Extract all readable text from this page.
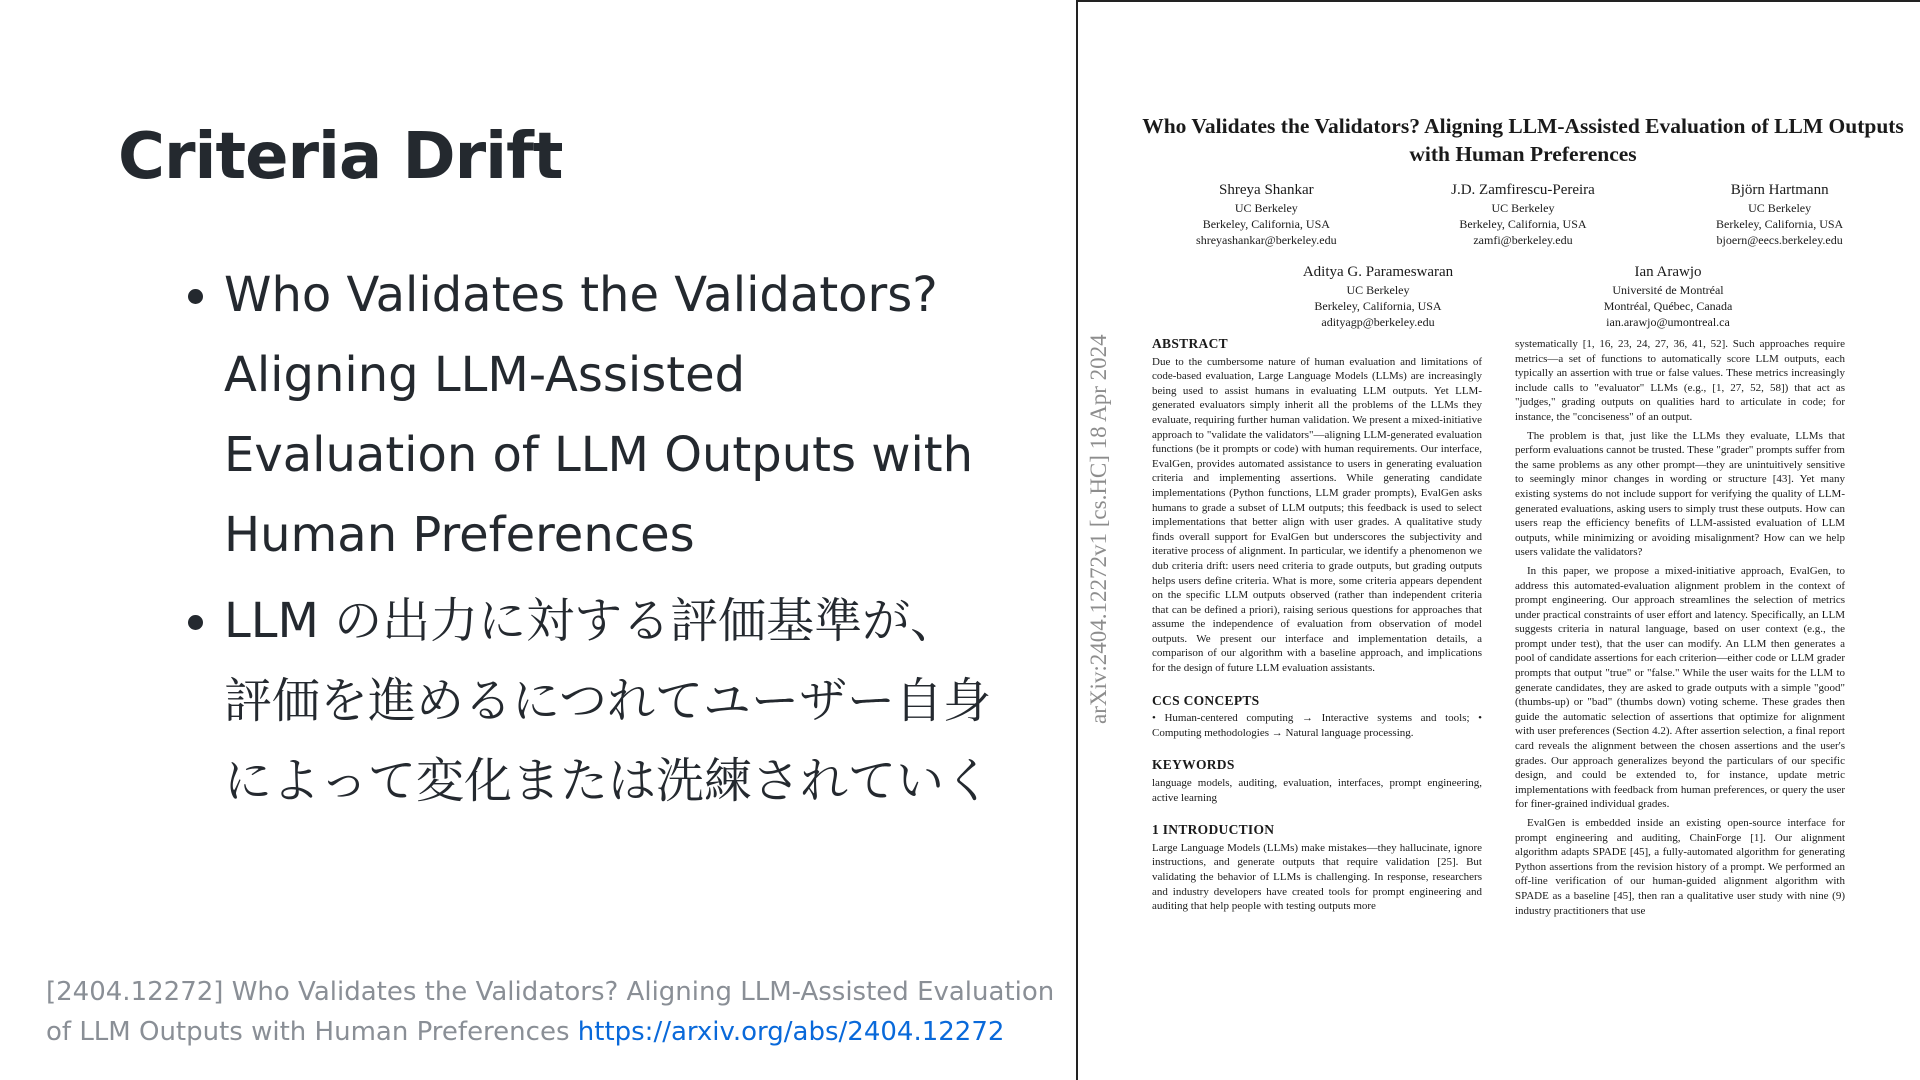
Criteria Drift
• Who Validates the Validators? Aligning LLM-Assisted Evaluation of LLM Outputs with Human Preferences
• LLM の出力に対する評価基準が、評価を進めるにつれてユーザー自身によって変化または洗練されていく
[2404.12272] Who Validates the Validators? Aligning LLM-Assisted Evaluation of LLM Outputs with Human Preferences https://arxiv.org/abs/2404.12272
arXiv:2404.12272v1 [cs.HC] 18 Apr 2024
Who Validates the Validators? Aligning LLM-Assisted Evaluation of LLM Outputs with Human Preferences
Shreya Shankar
UC Berkeley
Berkeley, California, USA
shreyashankar@berkeley.edu
J.D. Zamfirescu-Pereira
UC Berkeley
Berkeley, California, USA
zamfi@berkeley.edu
Björn Hartmann
UC Berkeley
Berkeley, California, USA
bjoern@eecs.berkeley.edu
Aditya G. Parameswaran
UC Berkeley
Berkeley, California, USA
adityagp@berkeley.edu
Ian Arawjo
Université de Montréal
Montréal, Québec, Canada
ian.arawjo@umontreal.ca
ABSTRACT

Due to the cumbersome nature of human evaluation and limitations of code-based evaluation, Large Language Models (LLMs) are increasingly being used to assist humans in evaluating LLM outputs. Yet LLM-generated evaluators simply inherit all the problems of the LLMs they evaluate, requiring further human validation. We present a mixed-initiative approach to "validate the validators"—aligning LLM-generated evaluation functions (be it prompts or code) with human requirements. Our interface, EvalGen, provides automated assistance to users in generating evaluation criteria and implementing assertions. While generating candidate implementations (Python functions, LLM grader prompts), EvalGen asks humans to grade a subset of LLM outputs; this feedback is used to select implementations that better align with user grades. A qualitative study finds overall support for EvalGen but underscores the subjectivity and iterative process of alignment. In particular, we identify a phenomenon we dub criteria drift: users need criteria to grade outputs, but grading outputs helps users define criteria. What is more, some criteria appears dependent on the specific LLM outputs observed (rather than independent criteria that can be defined a priori), raising serious questions for approaches that assume the independence of evaluation from observation of model outputs. We present our interface and implementation details, a comparison of our algorithm with a baseline approach, and implications for the design of future LLM evaluation assistants.

CCS CONCEPTS

• Human-centered computing → Interactive systems and tools; • Computing methodologies → Natural language processing.

KEYWORDS

language models, auditing, evaluation, interfaces, prompt engineering, active learning

1 INTRODUCTION

Large Language Models (LLMs) make mistakes—they hallucinate, ignore instructions, and generate outputs that require validation [25]. But validating the behavior of LLMs is challenging. In response, researchers and industry developers have created tools for prompt engineering and auditing that help people with testing outputs more

systematically [1, 16, 23, 24, 27, 36, 41, 52]. Such approaches require metrics—a set of functions to automatically score LLM outputs, each typically an assertion with true or false values. These metrics increasingly include calls to "evaluator" LLMs (e.g., [1, 27, 52, 58]) that act as "judges," grading outputs on qualities hard to articulate in code; for instance, the "conciseness" of an output.

The problem is that, just like the LLMs they evaluate, LLMs that perform evaluations cannot be trusted. These "grader" prompts suffer from the same problems as any other prompt—they are unintuitively sensitive to seemingly minor changes in wording or structure [43]. Yet many existing systems do not include support for verifying the quality of LLM-generated evaluations, asking users to simply trust these outputs. How can users reap the efficiency benefits of LLM-assisted evaluation of LLM outputs, while minimizing or avoiding misalignment? How can we help users validate the validators?

In this paper, we propose a mixed-initiative approach, EvalGen, to address this automated-evaluation alignment problem in the context of prompt engineering. Our approach streamlines the selection of metrics under practical constraints of user effort and latency. Specifically, an LLM suggests criteria in natural language, based on user context (e.g., the prompt under test), that the user can modify. An LLM then generates a pool of candidate assertions for each criterion—either code or LLM grader prompts that output "true" or "false." While the user waits for the LLM to generate candidates, they are asked to grade outputs with a simple "good" (thumbs-up) or "bad" (thumbs down) voting scheme. These grades then guide the automatic selection of assertions that optimize for alignment with user preferences (Section 4.2). After assertion selection, a final report card reveals the alignment between the chosen assertions and the user's grades. Our approach generalizes beyond the particulars of our specific design, and could be extended to, for instance, update metric implementations with feedback from human preferences, or query the user for finer-grained individual grades.

EvalGen is embedded inside an existing open-source interface for prompt engineering and auditing, ChainForge [1]. Our alignment algorithm adapts SPADE [45], a fully-automated algorithm for generating Python assertions from the revision history of a prompt. We performed an off-line verification of our human-guided alignment algorithm with SPADE as a baseline [45], then ran a qualitative user study with nine (9) industry practitioners that use
